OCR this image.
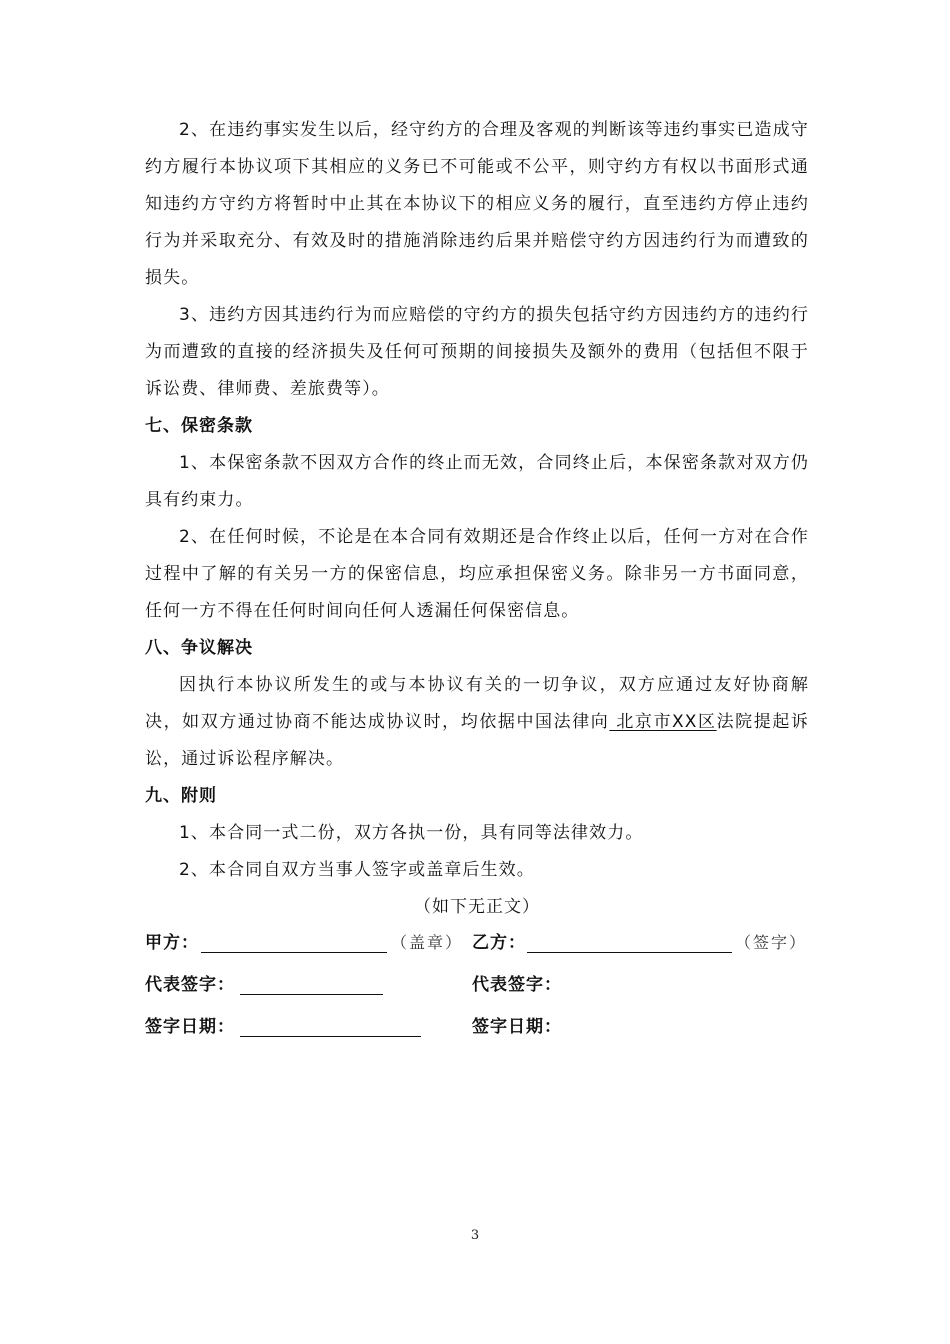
2、在违约事实发生以后，经守约方的合理及客观的判断该等违约事实已造成守约方履行本协议项下其相应的义务已不可能或不公平，则守约方有权以书面形式通知违约方守约方将暂时中止其在本协议下的相应义务的履行，直至违约方停止违约行为并采取充分、有效及时的措施消除违约后果并赔偿守约方因违约行为而遭致的损失。

3、违约方因其违约行为而应赔偿的守约方的损失包括守约方因违约方的违约行为而遭致的直接的经济损失及任何可预期的间接损失及额外的费用（包括但不限于诉讼费、律师费、差旅费等）。

七、保密条款

1、本保密条款不因双方合作的终止而无效，合同终止后，本保密条款对双方仍具有约束力。

2、在任何时候，不论是在本合同有效期还是合作终止以后，任何一方对在合作过程中了解的有关另一方的保密信息，均应承担保密义务。除非另一方书面同意，任何一方不得在任何时间向任何人透漏任何保密信息。

八、争议解决

因执行本协议所发生的或与本协议有关的一切争议，双方应通过友好协商解决，如双方通过协商不能达成协议时，均依据中国法律向 北京市XX区法院提起诉讼，通过诉讼程序解决。

九、附则

1、本合同一式二份，双方各执一份，具有同等法律效力。

2、本合同自双方当事人签字或盖章后生效。

（如下无正文）

甲方：	（盖章） 乙方：	（签字）
代表签字：	代表签字：
签字日期：	签字日期：
3
